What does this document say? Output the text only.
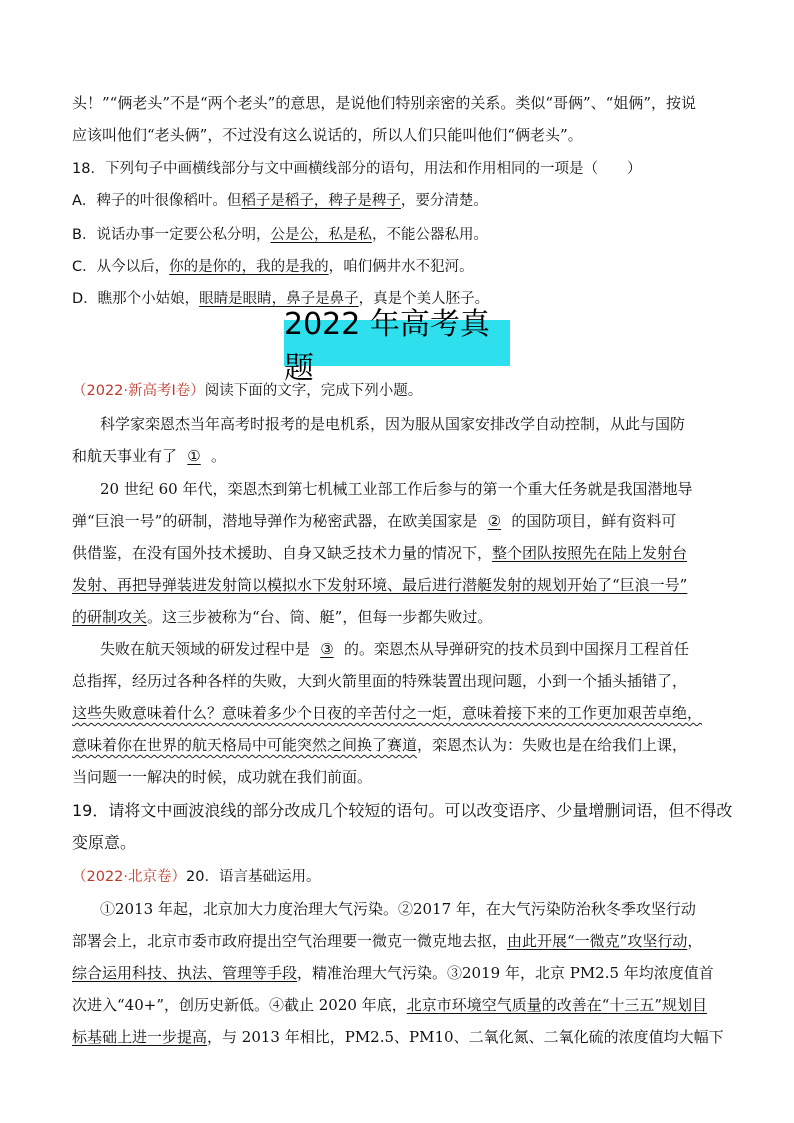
头！”“俩老头”不是“两个老头”的意思，是说他们特别亲密的关系。类似“哥俩”、“姐俩”，按说
应该叫他们“老头俩”，不过没有这么说话的，所以人们只能叫他们“俩老头”。
18．下列句子中画横线部分与文中画横线部分的语句，用法和作用相同的一项是（　　）
A．稗子的叶很像稻叶。但稻子是稻子，稗子是稗子，要分清楚。
B．说话办事一定要公私分明，公是公，私是私，不能公器私用。
C．从今以后，你的是你的，我的是我的，咱们俩井水不犯河。
D．瞧那个小姑娘，眼睛是眼睛，鼻子是鼻子，真是个美人胚子。
2022 年高考真题
（2022·新高考Ⅰ卷）阅读下面的文字，完成下列小题。
科学家栾恩杰当年高考时报考的是电机系，因为服从国家安排改学自动控制，从此与国防
和航天事业有了 ① 。
20 世纪 60 年代，栾恩杰到第七机械工业部工作后参与的第一个重大任务就是我国潜地导
弹“巨浪一号”的研制，潜地导弹作为秘密武器，在欧美国家是 ② 的国防项目，鲜有资料可
供借鉴，在没有国外技术援助、自身又缺乏技术力量的情况下，整个团队按照先在陆上发射台
发射、再把导弹装进发射筒以模拟水下发射环境、最后进行潜艇发射的规划开始了“巨浪一号”
的研制攻关。这三步被称为“台、筒、艇”，但每一步都失败过。
失败在航天领域的研发过程中是 ③ 的。栾恩杰从导弹研究的技术员到中国探月工程首任
总指挥，经历过各种各样的失败，大到火箭里面的特殊装置出现问题，小到一个插头插错了，
这些失败意味着什么？意味着多少个日夜的辛苦付之一炬，意味着接下来的工作更加艰苦卓绝，
意味着你在世界的航天格局中可能突然之间换了赛道，栾恩杰认为：失败也是在给我们上课，
当问题一一解决的时候，成功就在我们前面。
19．请将文中画波浪线的部分改成几个较短的语句。可以改变语序、少量增删词语，但不得改
变原意。
（2022·北京卷）20．语言基础运用。
①2013 年起，北京加大力度治理大气污染。②2017 年，在大气污染防治秋冬季攻坚行动
部署会上，北京市委市政府提出空气治理要一微克一微克地去抠，由此开展“一微克”攻坚行动，
综合运用科技、执法、管理等手段，精准治理大气污染。③2019 年，北京 PM2.5 年均浓度值首
次进入“40+”，创历史新低。④截止 2020 年底，北京市环境空气质量的改善在“十三五”规划目
标基础上进一步提高，与 2013 年相比，PM2.5、PM10、二氧化氮、二氧化硫的浓度值均大幅下
